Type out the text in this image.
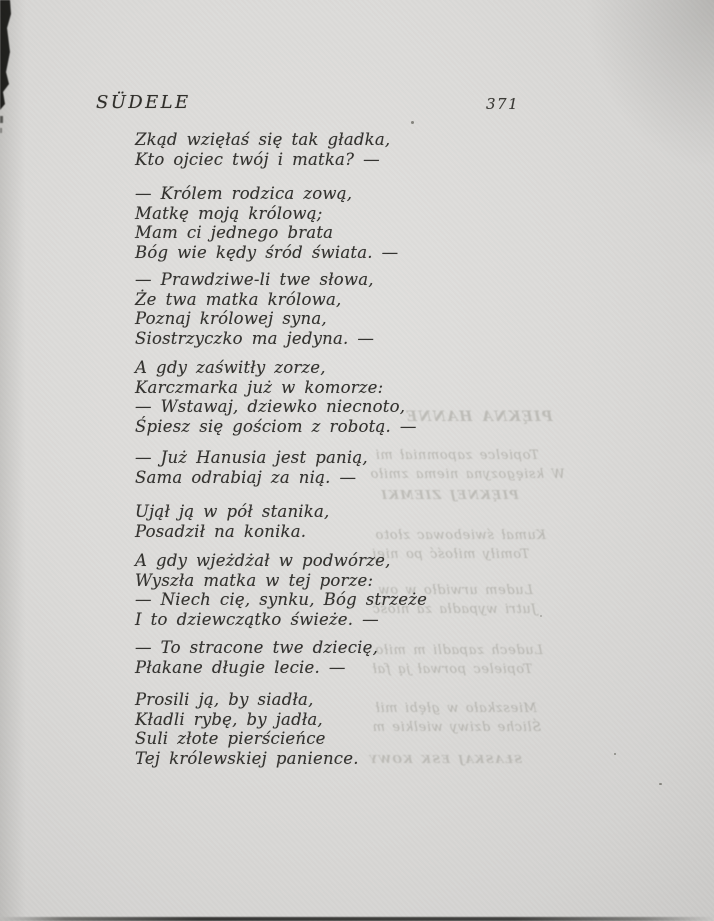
SÜDELE	371
PIĘKNA HANNE
Topielce zapomniał mi
W księgozyna niema zmiło
PIĘKNEJ ZIEMKI
Kumał świebowac złoto
Tomiły miłość po niej
Ludem urwidło w ow
Jutri wypadła za niość
Ludech zapadli m miło
Topielec porwał ją fał
Mieszkało w głębi mił
Śliche dziwy wielkie m
SŁASKAJ ESK KOWY
Zkąd wzięłaś się tak gładka,
Kto ojciec twój i matka? —
— Królem rodzica zową,
Matkę moją królową;
Mam ci jednego brata
Bóg wie kędy śród świata. —
— Prawdziwe-li twe słowa,
Że twa matka królowa,
Poznaj królowej syna,
Siostrzyczko ma jedyna. —
A gdy zaświtły zorze,
Karczmarka już w komorze:
— Wstawaj, dziewko niecnoto,
Śpiesz się gościom z robotą. —
— Już Hanusia jest panią,
Sama odrabiaj za nią. —
Ujął ją w pół stanika,
Posadził na konika.
A gdy wjeżdżał w podwórze,
Wyszła matka w tej porze:
— Niech cię, synku, Bóg strzeże
I to dziewczątko świeże. —
— To stracone twe dziecię,
Płakane długie lecie. —
Prosili ją, by siadła,
Kładli rybę, by jadła,
Suli złote pierścieńce
Tej królewskiej panience.
